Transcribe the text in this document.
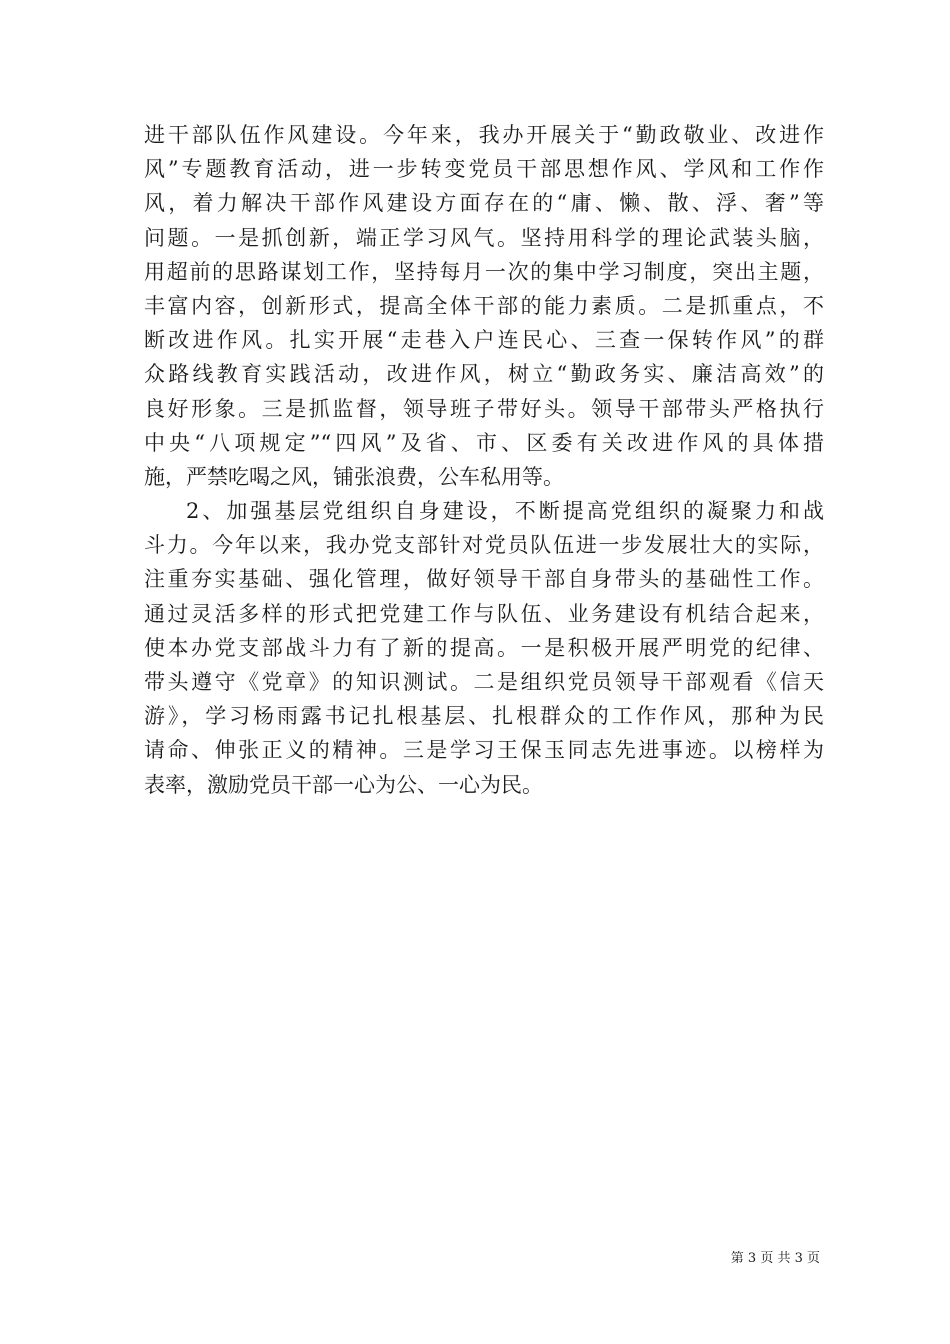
进干部队伍作风建设。今年来，我办开展关于“勤政敬业、改进作
风”专题教育活动，进一步转变党员干部思想作风、学风和工作作
风，着力解决干部作风建设方面存在的“庸、懒、散、浮、奢”等
问题。一是抓创新，端正学习风气。坚持用科学的理论武装头脑，
用超前的思路谋划工作，坚持每月一次的集中学习制度，突出主题，
丰富内容，创新形式，提高全体干部的能力素质。二是抓重点，不
断改进作风。扎实开展“走巷入户连民心、三查一保转作风”的群
众路线教育实践活动，改进作风，树立“勤政务实、廉洁高效”的
良好形象。三是抓监督，领导班子带好头。领导干部带头严格执行
中央“八项规定”“四风”及省、市、区委有关改进作风的具体措
施，严禁吃喝之风，铺张浪费，公车私用等。
2、加强基层党组织自身建设，不断提高党组织的凝聚力和战
斗力。今年以来，我办党支部针对党员队伍进一步发展壮大的实际，
注重夯实基础、强化管理，做好领导干部自身带头的基础性工作。
通过灵活多样的形式把党建工作与队伍、业务建设有机结合起来，
使本办党支部战斗力有了新的提高。一是积极开展严明党的纪律、
带头遵守《党章》的知识测试。二是组织党员领导干部观看《信天
游》，学习杨雨露书记扎根基层、扎根群众的工作作风，那种为民
请命、伸张正义的精神。三是学习王保玉同志先进事迹。以榜样为
表率，激励党员干部一心为公、一心为民。
第 3 页 共 3 页
